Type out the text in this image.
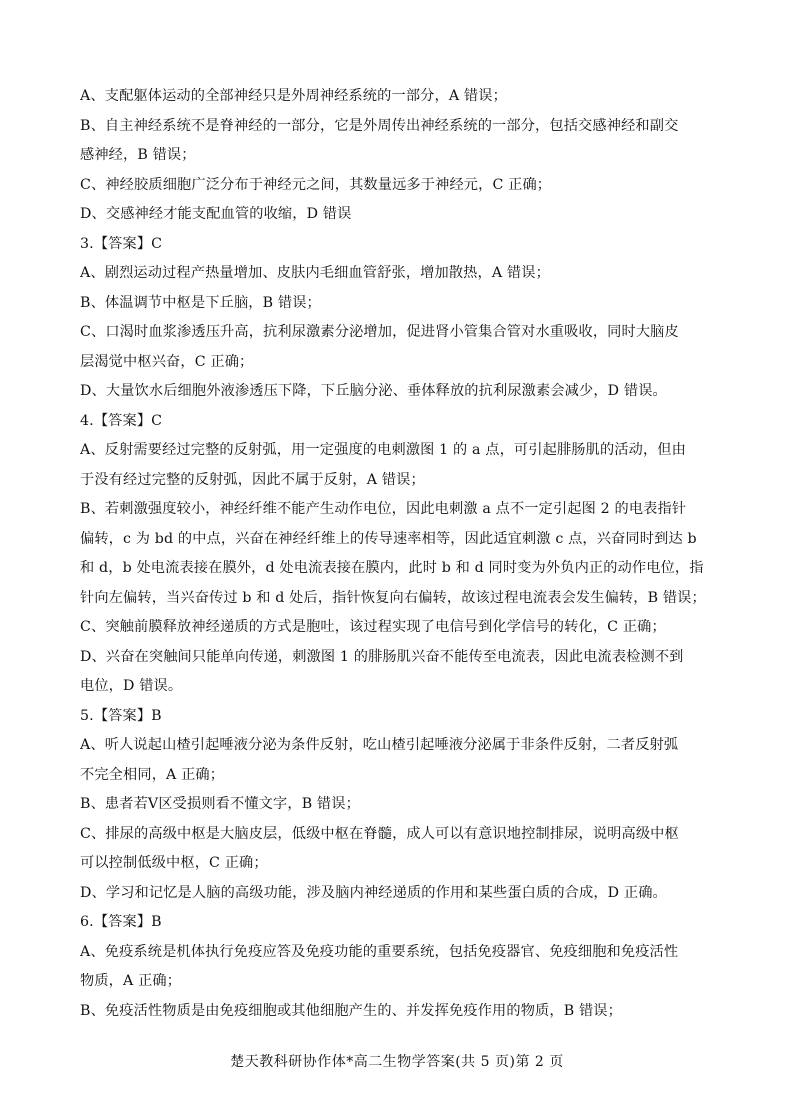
A、支配躯体运动的全部神经只是外周神经系统的一部分，A 错误；
B、自主神经系统不是脊神经的一部分，它是外周传出神经系统的一部分，包括交感神经和副交
感神经，B 错误；
C、神经胶质细胞广泛分布于神经元之间，其数量远多于神经元，C 正确；
D、交感神经才能支配血管的收缩，D 错误
3.【答案】C
A、剧烈运动过程产热量增加、皮肤内毛细血管舒张，增加散热，A 错误；
B、体温调节中枢是下丘脑，B 错误；
C、口渴时血浆渗透压升高，抗利尿激素分泌增加，促进肾小管集合管对水重吸收，同时大脑皮
层渴觉中枢兴奋，C 正确；
D、大量饮水后细胞外液渗透压下降，下丘脑分泌、垂体释放的抗利尿激素会减少，D 错误。
4.【答案】C
A、反射需要经过完整的反射弧，用一定强度的电刺激图 1 的 a 点，可引起腓肠肌的活动，但由
于没有经过完整的反射弧，因此不属于反射，A 错误；
B、若刺激强度较小，神经纤维不能产生动作电位，因此电刺激 a 点不一定引起图 2 的电表指针
偏转，c 为 bd 的中点，兴奋在神经纤维上的传导速率相等，因此适宜刺激 c 点，兴奋同时到达 b
和 d，b 处电流表接在膜外，d 处电流表接在膜内，此时 b 和 d 同时变为外负内正的动作电位，指
针向左偏转，当兴奋传过 b 和 d 处后，指针恢复向右偏转，故该过程电流表会发生偏转，B 错误；
C、突触前膜释放神经递质的方式是胞吐，该过程实现了电信号到化学信号的转化，C 正确；
D、兴奋在突触间只能单向传递，刺激图 1 的腓肠肌兴奋不能传至电流表，因此电流表检测不到
电位，D 错误。
5.【答案】B
A、听人说起山楂引起唾液分泌为条件反射，吃山楂引起唾液分泌属于非条件反射，二者反射弧
不完全相同，A 正确；
B、患者若Ⅴ区受损则看不懂文字，B 错误；
C、排尿的高级中枢是大脑皮层，低级中枢在脊髓，成人可以有意识地控制排尿，说明高级中枢
可以控制低级中枢，C 正确；
D、学习和记忆是人脑的高级功能，涉及脑内神经递质的作用和某些蛋白质的合成，D 正确。
6.【答案】B
A、免疫系统是机体执行免疫应答及免疫功能的重要系统，包括免疫器官、免疫细胞和免疫活性
物质，A 正确；
B、免疫活性物质是由免疫细胞或其他细胞产生的、并发挥免疫作用的物质，B 错误；
楚天教科研协作体*高二生物学答案(共 5 页)第 2 页
